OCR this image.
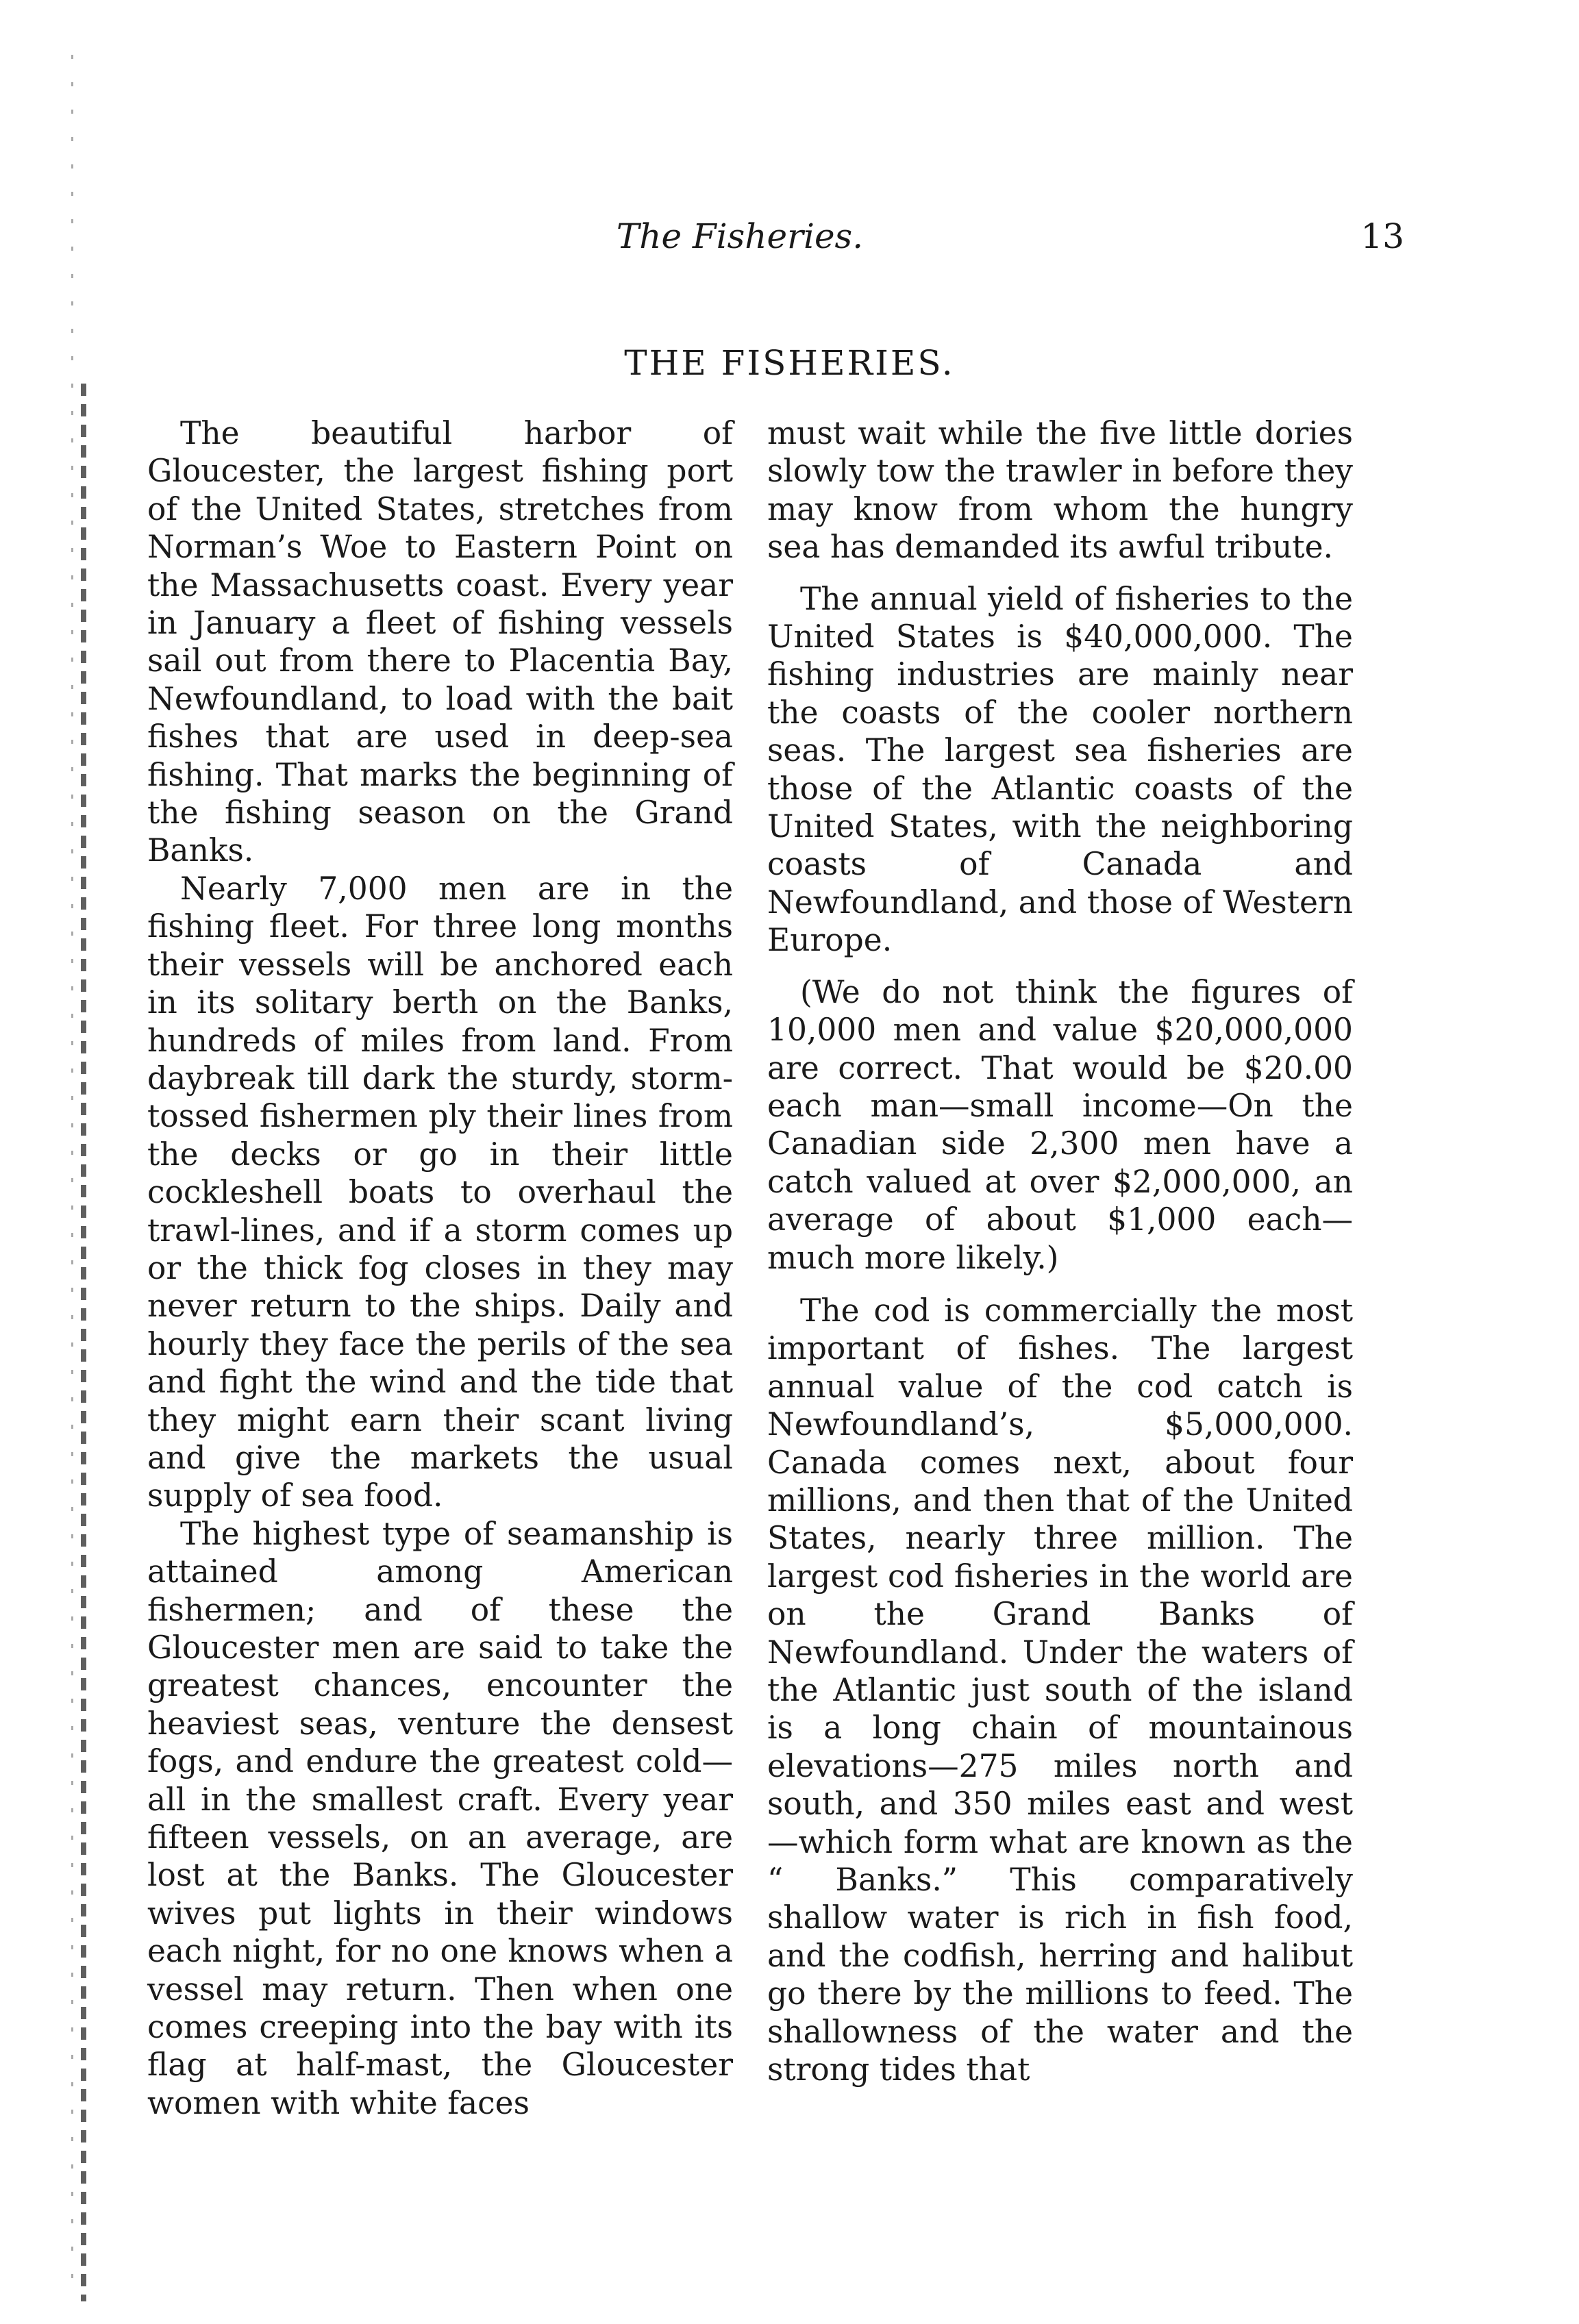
The Fisheries.	13
THE FISHERIES.

The beautiful harbor of Gloucester, the largest fishing port of the United States, stretches from Norman’s Woe to Eastern Point on the Massachusetts coast. Every year in January a fleet of fishing vessels sail out from there to Placentia Bay, Newfoundland, to load with the bait fishes that are used in deep-sea fishing. That marks the beginning of the fishing season on the Grand Banks.

Nearly 7,000 men are in the fishing fleet. For three long months their vessels will be anchored each in its solitary berth on the Banks, hundreds of miles from land. From daybreak till dark the sturdy, storm-tossed fishermen ply their lines from the decks or go in their little cockleshell boats to overhaul the trawl-lines, and if a storm comes up or the thick fog closes in they may never return to the ships. Daily and hourly they face the perils of the sea and fight the wind and the tide that they might earn their scant living and give the markets the usual supply of sea food.

The highest type of seamanship is attained among American fishermen; and of these the Gloucester men are said to take the greatest chances, encounter the heaviest seas, venture the densest fogs, and endure the greatest cold—all in the smallest craft. Every year fifteen vessels, on an average, are lost at the Banks. The Gloucester wives put lights in their windows each night, for no one knows when a vessel may return. Then when one comes creeping into the bay with its flag at half-mast, the Gloucester women with white faces

must wait while the five little dories slowly tow the trawler in before they may know from whom the hungry sea has demanded its awful tribute.

The annual yield of fisheries to the United States is $40,000,000. The fishing industries are mainly near the coasts of the cooler northern seas. The largest sea fisheries are those of the Atlantic coasts of the United States, with the neighboring coasts of Canada and Newfoundland, and those of Western Europe.

(We do not think the figures of 10,000 men and value $20,000,000 are correct. That would be $20.00 each man—small income—On the Canadian side 2,300 men have a catch valued at over $2,000,000, an average of about $1,000 each—much more likely.)

The cod is commercially the most important of fishes. The largest annual value of the cod catch is Newfoundland’s, $5,000,000. Canada comes next, about four millions, and then that of the United States, nearly three million. The largest cod fisheries in the world are on the Grand Banks of Newfoundland. Under the waters of the Atlantic just south of the island is a long chain of mountainous elevations—275 miles north and south, and 350 miles east and west—which form what are known as the “ Banks.” This comparatively shallow water is rich in fish food, and the codfish, herring and halibut go there by the millions to feed. The shallowness of the water and the strong tides that
